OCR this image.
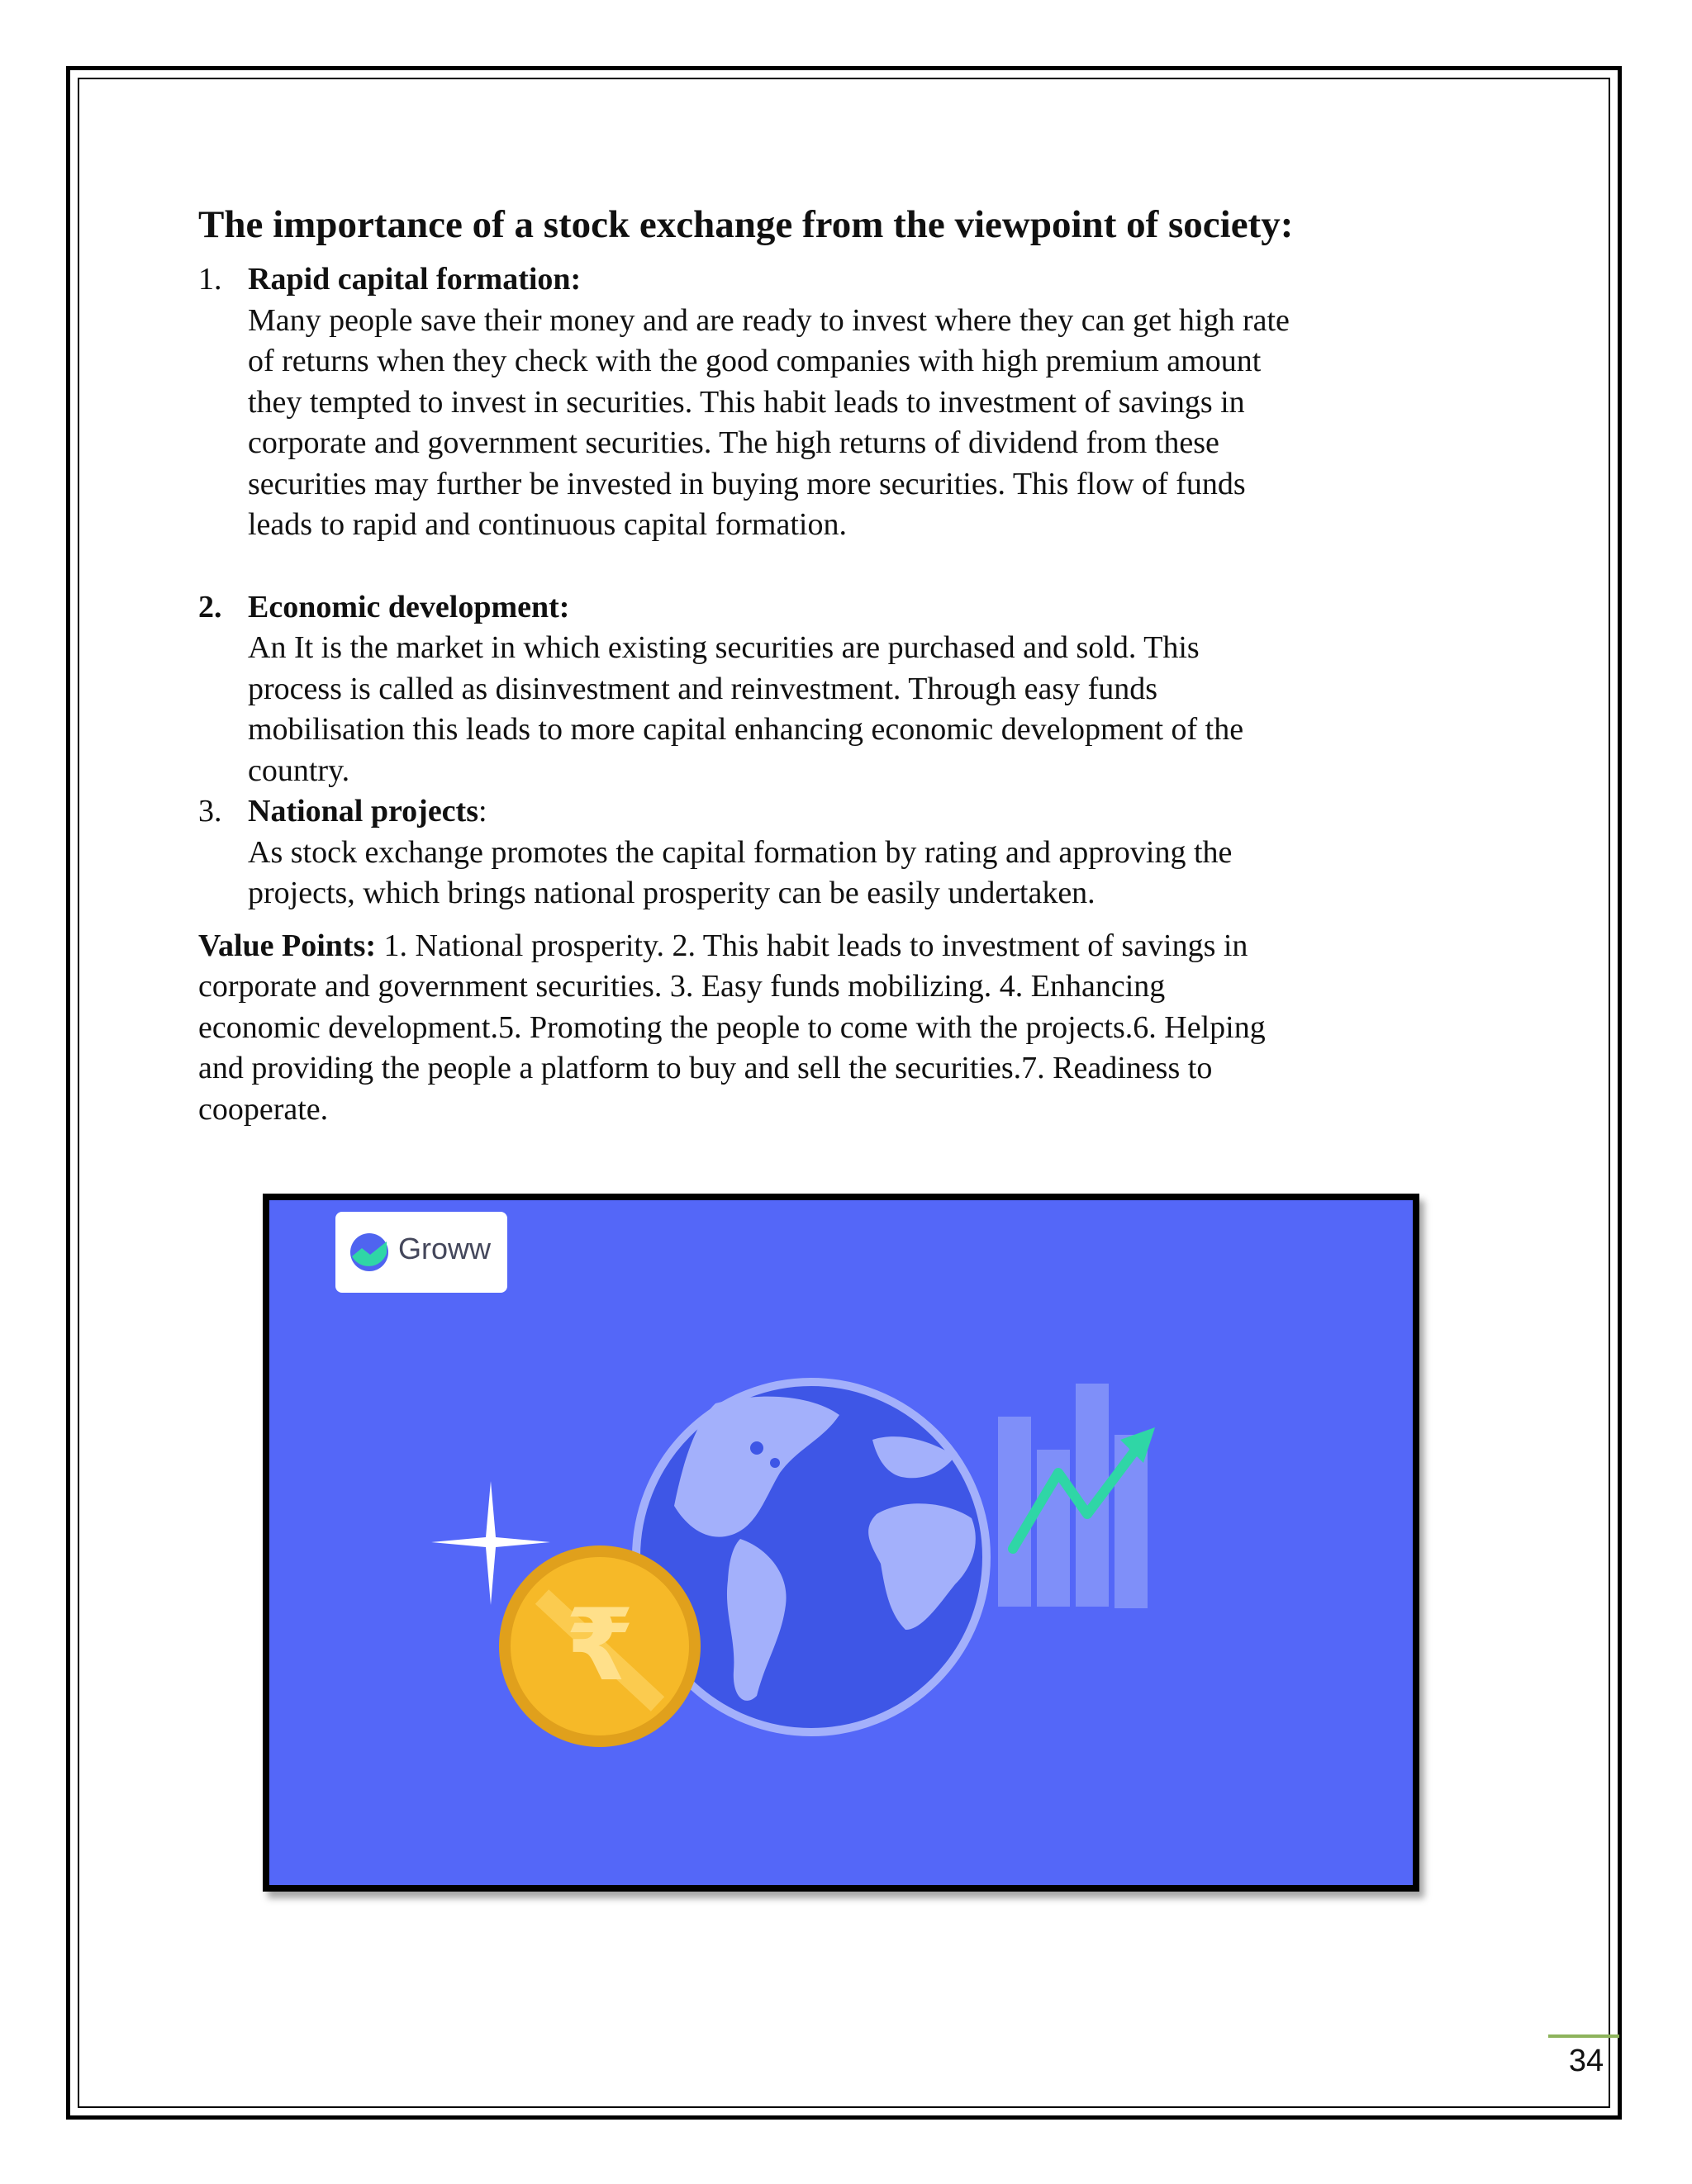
The importance of a stock exchange from the viewpoint of society:
1. Rapid capital formation:
Many people save their money and are ready to invest where they can get high rate
of returns when they check with the good companies with high premium amount
they tempted to invest in securities. This habit leads to investment of savings in
corporate and government securities. The high returns of dividend from these
securities may further be invested in buying more securities. This flow of funds
leads to rapid and continuous capital formation.
2. Economic development:
An It is the market in which existing securities are purchased and sold. This
process is called as disinvestment and reinvestment. Through easy funds
mobilisation this leads to more capital enhancing economic development of the
country.
3. National projects:
As stock exchange promotes the capital formation by rating and approving the
projects, which brings national prosperity can be easily undertaken.
Value Points: 1. National prosperity. 2. This habit leads to investment of savings in
corporate and government securities. 3. Easy funds mobilizing. 4. Enhancing
economic development.5. Promoting the people to come with the projects.6. Helping
and providing the people a platform to buy and sell the securities.7. Readiness to
cooperate.
Groww
₹
34
